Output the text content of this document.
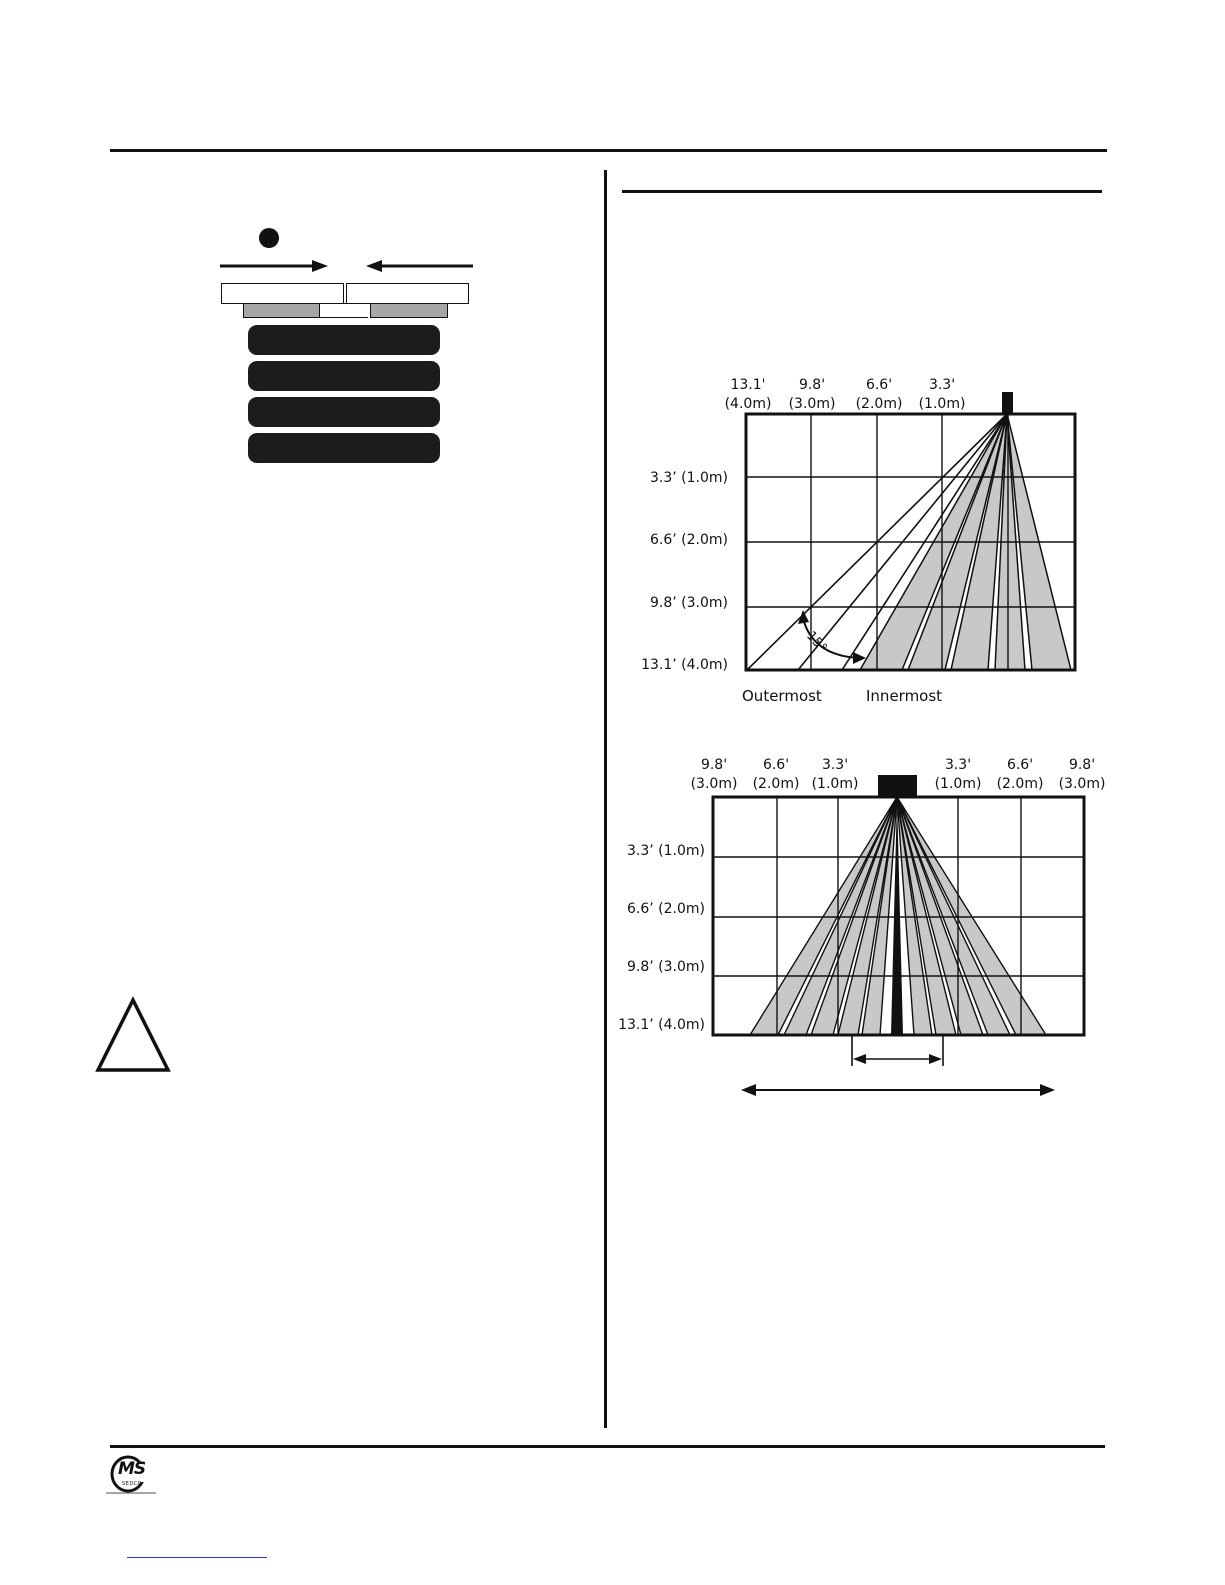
13.1'
(4.0m)
9.8'
(3.0m)
6.6'
(2.0m)
3.3'
(1.0m)
3.3’ (1.0m)
6.6’ (2.0m)
9.8’ (3.0m)
13.1’ (4.0m)
15°
Outermost	Innermost
9.8'
(3.0m)
6.6'
(2.0m)
3.3'
(1.0m)
3.3'
(1.0m)
6.6'
(2.0m)
9.8'
(3.0m)
3.3’ (1.0m)
6.6’ (2.0m)
9.8’ (3.0m)
13.1’ (4.0m)
MS
SEDCO
